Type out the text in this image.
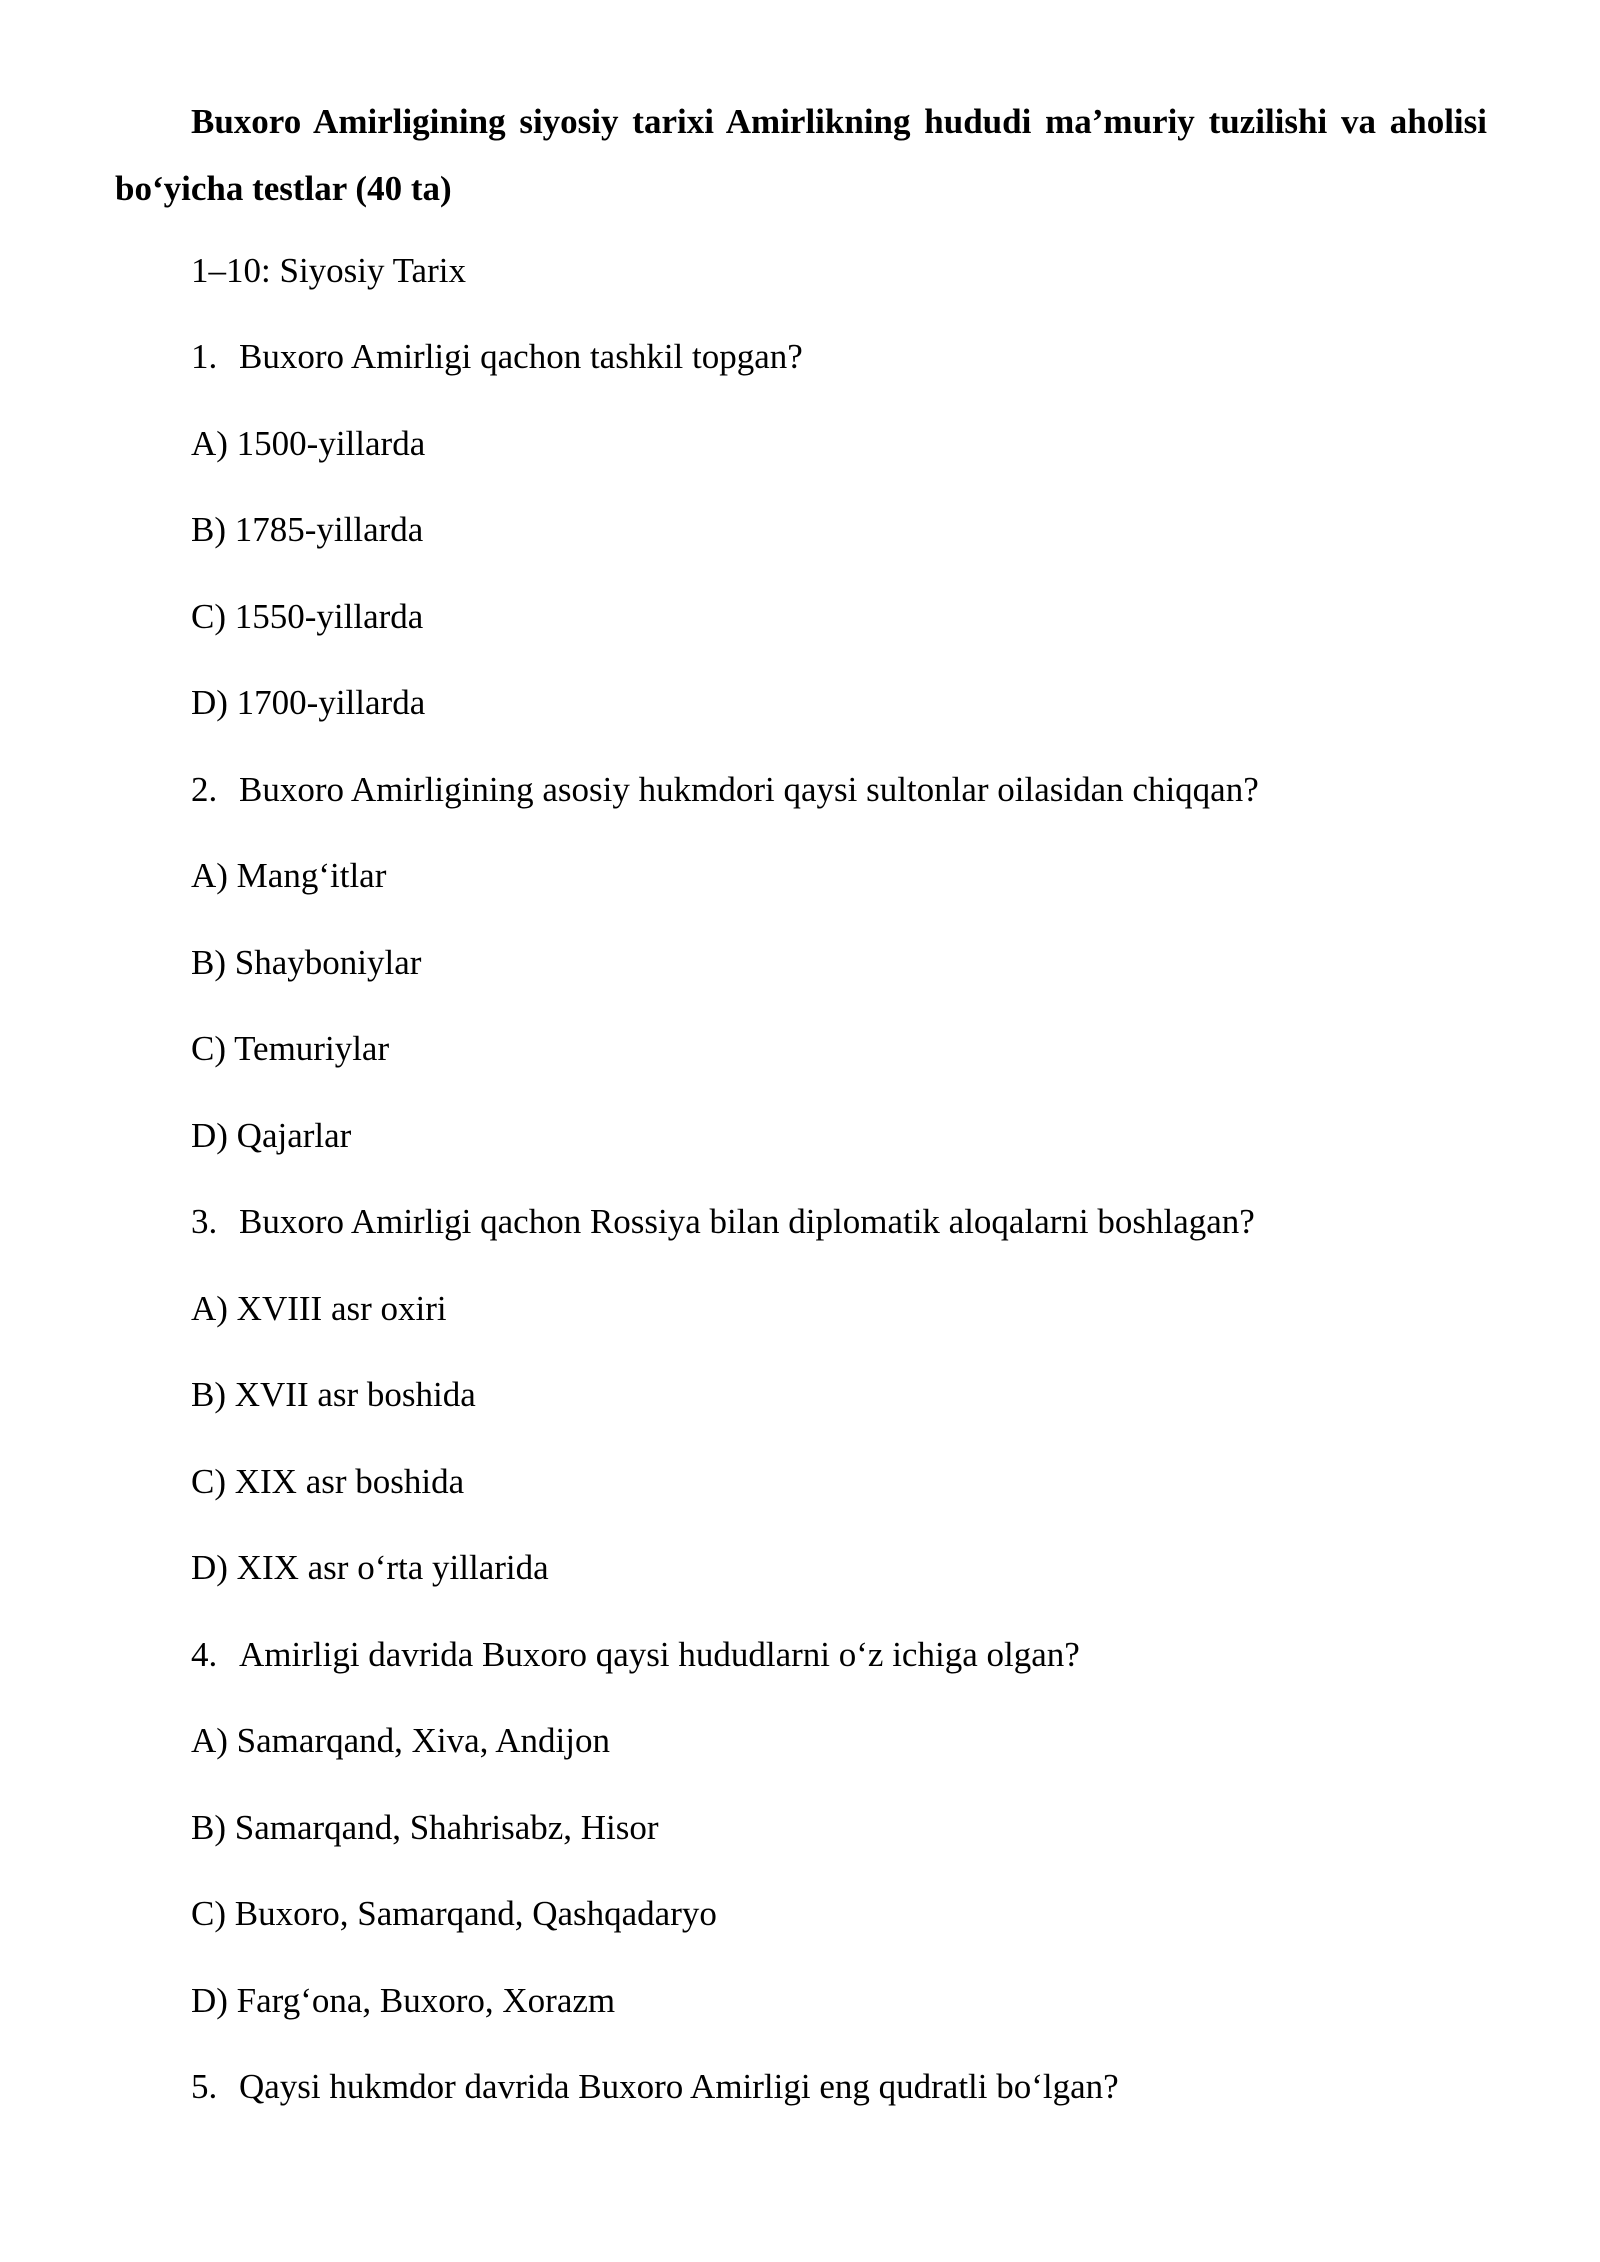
Buxoro Amirligining siyosiy tarixi Amirlikning hududi ma’muriy tuzilishi va aholisi bo‘yicha testlar (40 ta)

1–10: Siyosiy Tarix
1. Buxoro Amirligi qachon tashkil topgan?
A) 1500-yillarda
B) 1785-yillarda
C) 1550-yillarda
D) 1700-yillarda
2. Buxoro Amirligining asosiy hukmdori qaysi sultonlar oilasidan chiqqan?
A) Mang‘itlar
B) Shayboniylar
C) Temuriylar
D) Qajarlar
3. Buxoro Amirligi qachon Rossiya bilan diplomatik aloqalarni boshlagan?
A) XVIII asr oxiri
B) XVII asr boshida
C) XIX asr boshida
D) XIX asr o‘rta yillarida
4. Amirligi davrida Buxoro qaysi hududlarni o‘z ichiga olgan?
A) Samarqand, Xiva, Andijon
B) Samarqand, Shahrisabz, Hisor
C) Buxoro, Samarqand, Qashqadaryo
D) Farg‘ona, Buxoro, Xorazm
5. Qaysi hukmdor davrida Buxoro Amirligi eng qudratli bo‘lgan?
